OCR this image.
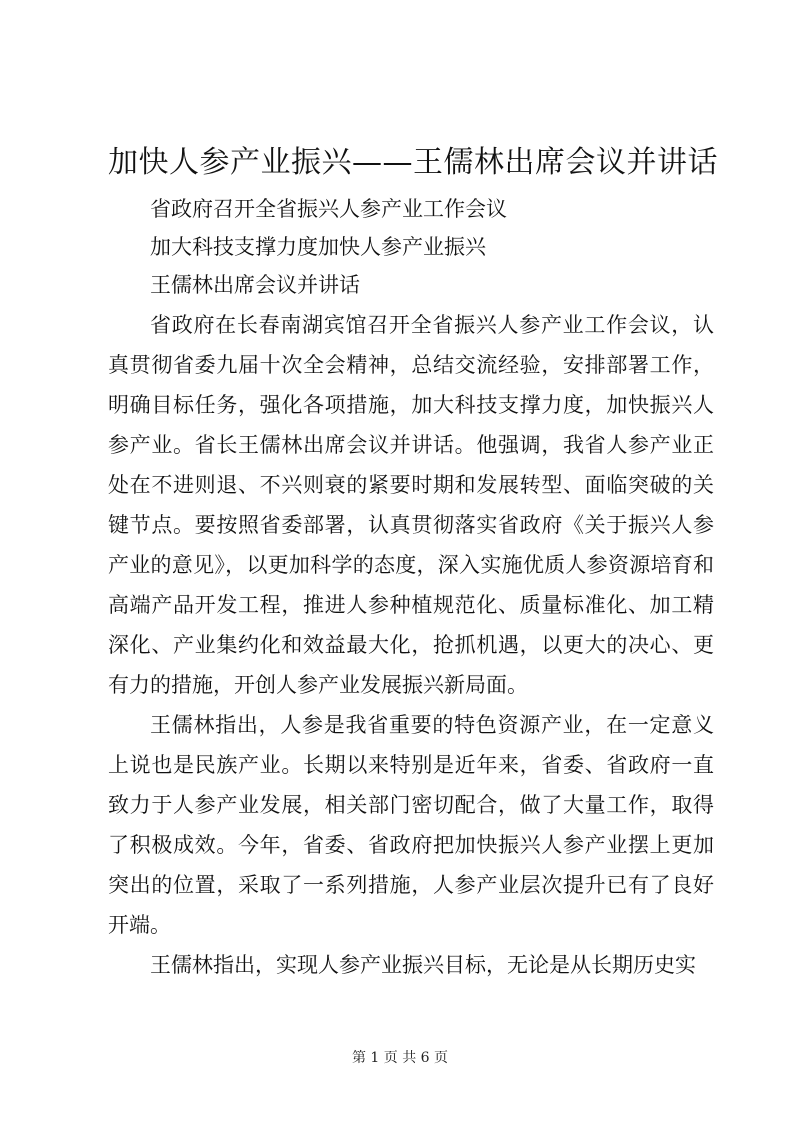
加快人参产业振兴——王儒林出席会议并讲话

省政府召开全省振兴人参产业工作会议

加大科技支撑力度加快人参产业振兴

王儒林出席会议并讲话

省政府在长春南湖宾馆召开全省振兴人参产业工作会议，认真贯彻省委九届十次全会精神，总结交流经验，安排部署工作，明确目标任务，强化各项措施，加大科技支撑力度，加快振兴人参产业。省长王儒林出席会议并讲话。他强调，我省人参产业正处在不进则退、不兴则衰的紧要时期和发展转型、面临突破的关键节点。要按照省委部署，认真贯彻落实省政府《关于振兴人参产业的意见》，以更加科学的态度，深入实施优质人参资源培育和高端产品开发工程，推进人参种植规范化、质量标准化、加工精深化、产业集约化和效益最大化，抢抓机遇，以更大的决心、更有力的措施，开创人参产业发展振兴新局面。

王儒林指出，人参是我省重要的特色资源产业，在一定意义上说也是民族产业。长期以来特别是近年来，省委、省政府一直致力于人参产业发展，相关部门密切配合，做了大量工作，取得了积极成效。今年，省委、省政府把加快振兴人参产业摆上更加突出的位置，采取了一系列措施，人参产业层次提升已有了良好开端。

王儒林指出，实现人参产业振兴目标，无论是从长期历史实

第 1 页 共 6 页
